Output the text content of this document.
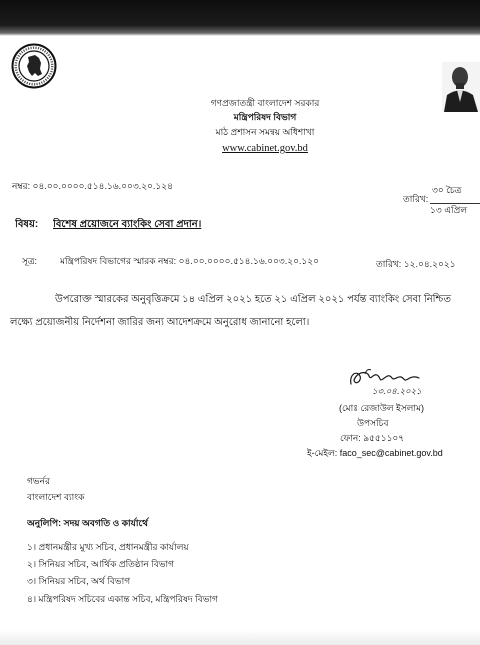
গণপ্রজাতন্ত্রী বাংলাদেশ সরকার
মন্ত্রিপরিষদ বিভাগ
মাঠ প্রশাসন সমন্বয় অধিশাখা
www.cabinet.gov.bd
নম্বর: ০৪.০০.০০০০.৫১৪.১৬.০০৩.২০.১২৪	৩০ চৈত্র
তারিখ:
১৩ এপ্রিল
বিষয়:	বিশেষ প্রয়োজনে ব্যাংকিং সেবা প্রদান।
সূত্র:	মন্ত্রিপরিষদ বিভাগের স্মারক নম্বর: ০৪.০০.০০০০.৫১৪.১৬.০০৩.২০.১২০	তারিখ: ১২.০৪.২০২১
উপরোক্ত স্মারকের অনুবৃত্তিক্রমে ১৪ এপ্রিল ২০২১ হতে ২১ এপ্রিল ২০২১ পর্যন্ত ব্যাংকিং সেবা নিশ্চিত
লক্ষ্যে প্রয়োজনীয় নির্দেশনা জারির জন্য আদেশক্রমে অনুরোধ জানানো হলো।
১৩.০৪.২০২১
(মোঃ রেজাউল ইসলাম)
উপসচিব
ফোন: ৯৫৫১১০৭
ই-মেইল: faco_sec@cabinet.gov.bd
গভর্নর
বাংলাদেশ ব্যাংক
অনুলিপি: সদয় অবগতি ও কার্যার্থে
১। প্রধানমন্ত্রীর মুখ্য সচিব, প্রধানমন্ত্রীর কার্যালয়
২। সিনিয়র সচিব, আর্থিক প্রতিষ্ঠান বিভাগ
৩। সিনিয়র সচিব, অর্থ বিভাগ
৪। মন্ত্রিপরিষদ সচিবের একান্ত সচিব, মন্ত্রিপরিষদ বিভাগ
